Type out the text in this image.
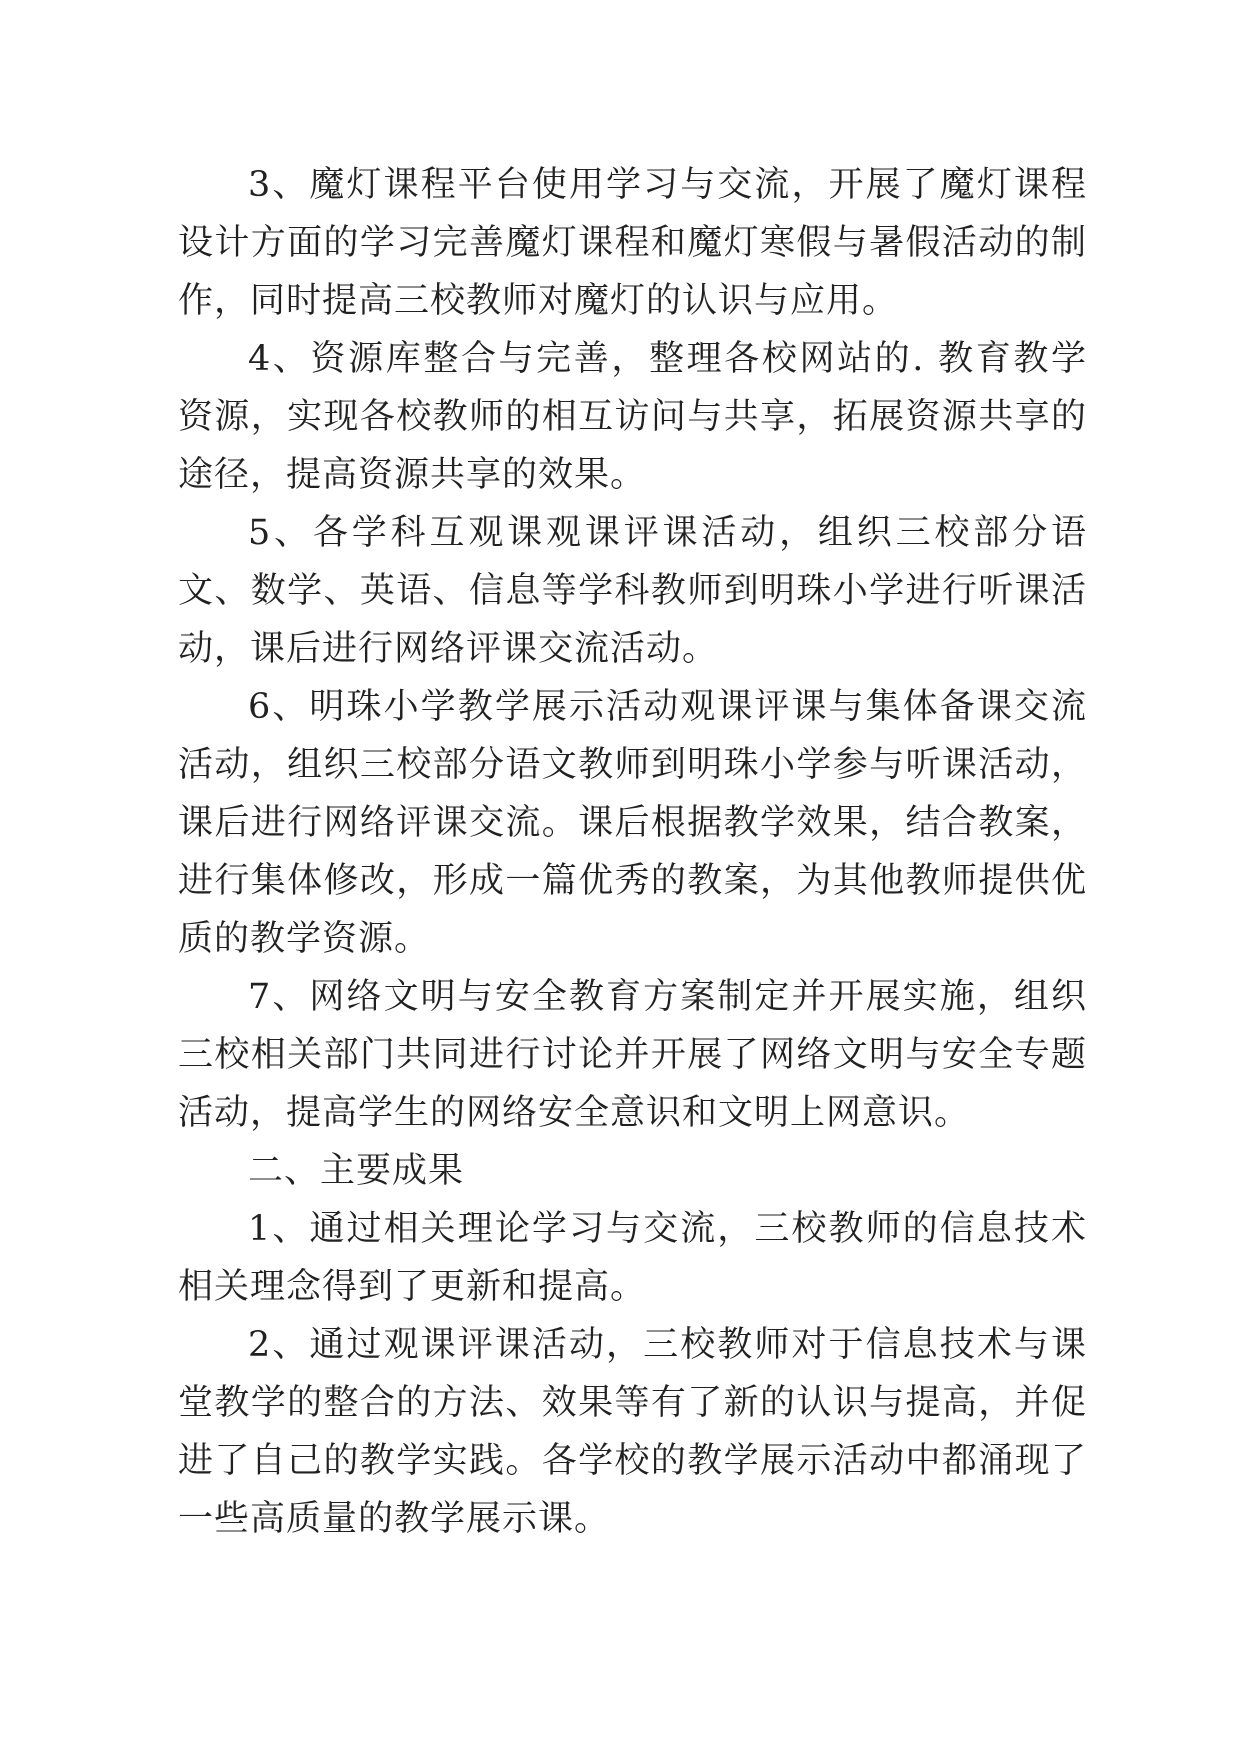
3、魔灯课程平台使用学习与交流，开展了魔灯课程设计方面的学习完善魔灯课程和魔灯寒假与暑假活动的制作，同时提高三校教师对魔灯的认识与应用。

4、资源库整合与完善，整理各校网站的. 教育教学资源，实现各校教师的相互访问与共享，拓展资源共享的途径，提高资源共享的效果。

5、各学科互观课观课评课活动，组织三校部分语文、数学、英语、信息等学科教师到明珠小学进行听课活动，课后进行网络评课交流活动。

6、明珠小学教学展示活动观课评课与集体备课交流活动，组织三校部分语文教师到明珠小学参与听课活动，课后进行网络评课交流。课后根据教学效果，结合教案，进行集体修改，形成一篇优秀的教案，为其他教师提供优质的教学资源。

7、网络文明与安全教育方案制定并开展实施，组织三校相关部门共同进行讨论并开展了网络文明与安全专题活动，提高学生的网络安全意识和文明上网意识。

二、主要成果

1、通过相关理论学习与交流，三校教师的信息技术相关理念得到了更新和提高。

2、通过观课评课活动，三校教师对于信息技术与课堂教学的整合的方法、效果等有了新的认识与提高，并促进了自己的教学实践。各学校的教学展示活动中都涌现了一些高质量的教学展示课。
